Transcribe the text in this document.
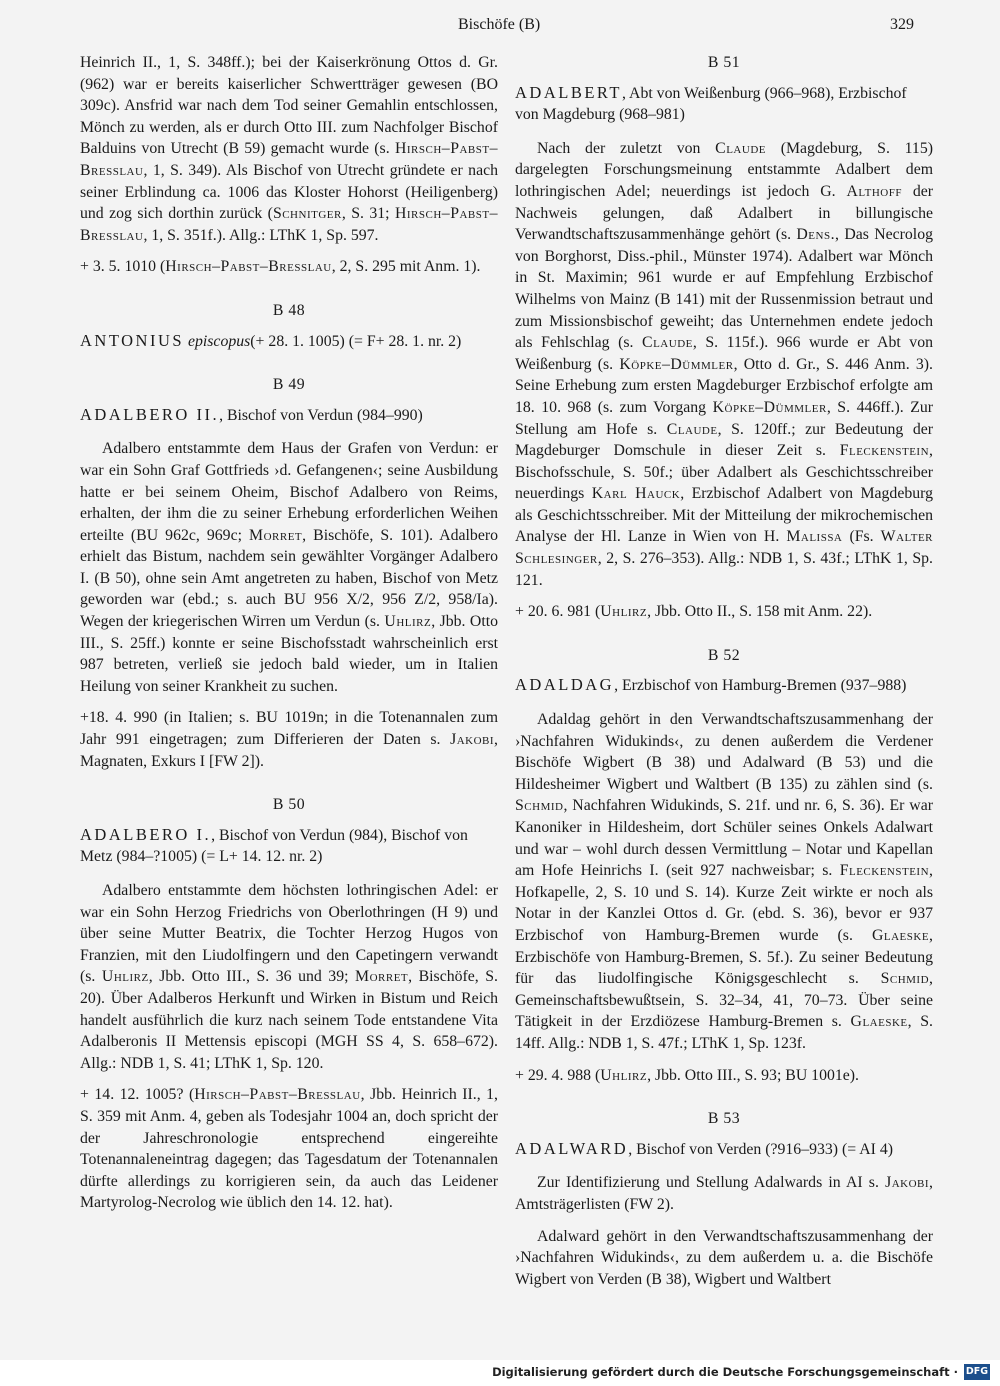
Bischöfe (B)	329

Heinrich II., 1, S. 348ff.); bei der Kaiserkrönung Ottos d. Gr. (962) war er bereits kaiserlicher Schwertträger gewesen (BO 309c). Ansfrid war nach dem Tod seiner Gemahlin entschlossen, Mönch zu werden, als er durch Otto III. zum Nachfolger Bischof Balduins von Utrecht (B 59) gemacht wurde (s. Hirsch–Pabst–Bresslau, 1, S. 349). Als Bischof von Utrecht gründete er nach seiner Erblindung ca. 1006 das Kloster Hohorst (Heiligenberg) und zog sich dorthin zurück (Schnitger, S. 31; Hirsch–Pabst–Bresslau, 1, S. 351f.). Allg.: LThK 1, Sp. 597.

+ 3. 5. 1010 (Hirsch–Pabst–Bresslau, 2, S. 295 mit Anm. 1).

B 48

ANTONIUS episcopus(+ 28. 1. 1005) (= F+ 28. 1. nr. 2)

B 49

ADALBERO II., Bischof von Verdun (984–990)

Adalbero entstammte dem Haus der Grafen von Verdun: er war ein Sohn Graf Gottfrieds ›d. Gefangenen‹; seine Ausbildung hatte er bei seinem Oheim, Bischof Adalbero von Reims, erhalten, der ihm die zu seiner Erhebung erforderlichen Weihen erteilte (BU 962c, 969c; Morret, Bischöfe, S. 101). Adalbero erhielt das Bistum, nachdem sein gewählter Vorgänger Adalbero I. (B 50), ohne sein Amt angetreten zu haben, Bischof von Metz geworden war (ebd.; s. auch BU 956 X/2, 956 Z/2, 958/Ia). Wegen der kriegerischen Wirren um Verdun (s. Uhlirz, Jbb. Otto III., S. 25ff.) konnte er seine Bischofsstadt wahrscheinlich erst 987 betreten, verließ sie jedoch bald wieder, um in Italien Heilung von seiner Krankheit zu suchen.

+18. 4. 990 (in Italien; s. BU 1019n; in die Totenannalen zum Jahr 991 eingetragen; zum Differieren der Daten s. Jakobi, Magnaten, Exkurs I [FW 2]).

B 50

ADALBERO I., Bischof von Verdun (984), Bischof von Metz (984–?1005) (= L+ 14. 12. nr. 2)

Adalbero entstammte dem höchsten lothringischen Adel: er war ein Sohn Herzog Friedrichs von Oberlothringen (H 9) und über seine Mutter Beatrix, die Tochter Herzog Hugos von Franzien, mit den Liudolfingern und den Capetingern verwandt (s. Uhlirz, Jbb. Otto III., S. 36 und 39; Morret, Bischöfe, S. 20). Über Adalberos Herkunft und Wirken in Bistum und Reich handelt ausführlich die kurz nach seinem Tode entstandene Vita Adalberonis II Mettensis episcopi (MGH SS 4, S. 658–672). Allg.: NDB 1, S. 41; LThK 1, Sp. 120.

+ 14. 12. 1005? (Hirsch–Pabst–Bresslau, Jbb. Heinrich II., 1, S. 359 mit Anm. 4, geben als Todesjahr 1004 an, doch spricht der der Jahreschronologie entsprechend eingereihte Totenannaleneintrag dagegen; das Tagesdatum der Totenannalen dürfte allerdings zu korrigieren sein, da auch das Leidener Martyrolog-Necrolog wie üblich den 14. 12. hat).

B 51

ADALBERT, Abt von Weißenburg (966–968), Erzbischof von Magdeburg (968–981)

Nach der zuletzt von Claude (Magdeburg, S. 115) dargelegten Forschungsmeinung entstammte Adalbert dem lothringischen Adel; neuerdings ist jedoch G. Althoff der Nachweis gelungen, daß Adalbert in billungische Verwandtschaftszusammenhänge gehört (s. Dens., Das Necrolog von Borghorst, Diss.-phil., Münster 1974). Adalbert war Mönch in St. Maximin; 961 wurde er auf Empfehlung Erzbischof Wilhelms von Mainz (B 141) mit der Russenmission betraut und zum Missionsbischof geweiht; das Unternehmen endete jedoch als Fehlschlag (s. Claude, S. 115f.). 966 wurde er Abt von Weißenburg (s. Köpke–Dümmler, Otto d. Gr., S. 446 Anm. 3). Seine Erhebung zum ersten Magdeburger Erzbischof erfolgte am 18. 10. 968 (s. zum Vorgang Köpke–Dümmler, S. 446ff.). Zur Stellung am Hofe s. Claude, S. 120ff.; zur Bedeutung der Magdeburger Domschule in dieser Zeit s. Fleckenstein, Bischofsschule, S. 50f.; über Adalbert als Geschichtsschreiber neuerdings Karl Hauck, Erzbischof Adalbert von Magdeburg als Geschichtsschreiber. Mit der Mitteilung der mikrochemischen Analyse der Hl. Lanze in Wien von H. Malissa (Fs. Walter Schlesinger, 2, S. 276–353). Allg.: NDB 1, S. 43f.; LThK 1, Sp. 121.

+ 20. 6. 981 (Uhlirz, Jbb. Otto II., S. 158 mit Anm. 22).

B 52

ADALDAG, Erzbischof von Hamburg-Bremen (937–988)

Adaldag gehört in den Verwandtschaftszusammenhang der ›Nachfahren Widukinds‹, zu denen außerdem die Verdener Bischöfe Wigbert (B 38) und Adalward (B 53) und die Hildesheimer Wigbert und Waltbert (B 135) zu zählen sind (s. Schmid, Nachfahren Widukinds, S. 21f. und nr. 6, S. 36). Er war Kanoniker in Hildesheim, dort Schüler seines Onkels Adalwart und war – wohl durch dessen Vermittlung – Notar und Kapellan am Hofe Heinrichs I. (seit 927 nachweisbar; s. Fleckenstein, Hofkapelle, 2, S. 10 und S. 14). Kurze Zeit wirkte er noch als Notar in der Kanzlei Ottos d. Gr. (ebd. S. 36), bevor er 937 Erzbischof von Hamburg-Bremen wurde (s. Glaeske, Erzbischöfe von Hamburg-Bremen, S. 5f.). Zu seiner Bedeutung für das liudolfingische Königsgeschlecht s. Schmid, Gemeinschaftsbewußtsein, S. 32–34, 41, 70–73. Über seine Tätigkeit in der Erzdiözese Hamburg-Bremen s. Glaeske, S. 14ff. Allg.: NDB 1, S. 47f.; LThK 1, Sp. 123f.

+ 29. 4. 988 (Uhlirz, Jbb. Otto III., S. 93; BU 1001e).

B 53

ADALWARD, Bischof von Verden (?916–933) (= AI 4)

Zur Identifizierung und Stellung Adalwards in AI s. Jakobi, Amtsträgerlisten (FW 2).

Adalward gehört in den Verwandtschaftszusammenhang der ›Nachfahren Widukinds‹, zu dem außerdem u. a. die Bischöfe Wigbert von Verden (B 38), Wigbert und Waltbert

Digitalisierung gefördert durch die Deutsche Forschungsgemeinschaft · DFG
